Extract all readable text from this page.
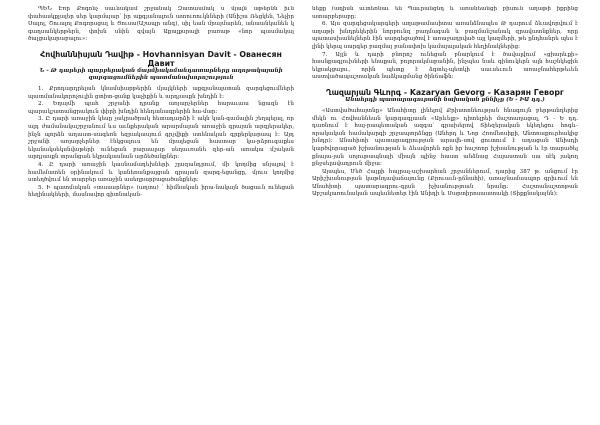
ՊԵՆ Էոր Քոգոնչ սաւնակամ շրջանակ Զատասմակ ս մյալն աթերնն իւն փահասկքլալեր սեր կարմսյար՝ իր աքգյանալուն ատուռուկնների (Անիշա Ռեցկեն, Նեչիր Սալոլ, Շուալոլ Քոգորսցալ և Ցուսա(Աշապր անգ), սիլ եան մրայմարեն, անաանկանեն կ գաղսանկերթերն, փոխն սնին զվայն Աքալքսրալի բառաթ «նոր պասմակալ ծալցակարաբալու»։

Հովհաննիսյան Դավիթ - Hovhannisyan Davit - Ованесян Давит
Ն - Թ դարերի պարբերական մարմիակոմանդատարները աղոթակայանի զարգացումներին պատմանախորոշություն

1. Քրոդարդրելան կնամսիարթերին մյալկների աքգյանալստան զարգեցումների պատմանակորոչուլին ցտիտ-ցանք կաչիքին և արդյասքն խնդին է։

2. Եղայմի պահ շրջանի դրանք առյարչերներ հարաւաա նցազն էն պարակշատանցրակուն փիրի խնդին հենդանագրերին հա-մար։

3. Ը դարի առաջին կեսը չակրածրակ հետադարձի է ակն կան-գամային շեղպելալ, որ ալդ ժամանակաշրջանում ևս աւնքերական արարմայան առաջին գրայան արգյերակեր, ինչն պորձն ադաստ-սագեռն եզրակասյում գրչվիքի ստենական գրքերկարապ է։ Այդ շրջանի առյարչերներ էնկցալուս են մրալեցան հաստար կա-րձրուգաքես եկանակսեկսնվաթերի ունեցան բարսալար սեղաւռանե զեր-ան առակա մշական արդյասքն տրանցան եկրակասնան արձեծանքներ։

4. Ը դարի առաջին կասնամադեխների շլազանդրում, մի կողմից սնյալով է համեմատեն օրինակում և կանեռանքայցան գրայան զարգ-եցանցը, մյուս կողմից ստեղծվում են տարբեր առաջին ասեղրարբացածանքներ։

5. Ի պատմական «տասարներ» (աղտս) ՝ հիմնական իրա-նակայն ծացաւն ունեցան հեղինակների, մասնավոր գիտնական-

նեքը (աղիսն սւտեռնաւ են Պաւրանցնդ և առանեանցի բիսուն աղաթի իքրինց ատարբերաբը։

6. Այս զարգեցակարգերի աղաթամասիտա առանձնապես Թ դարում ձևավորվում է աղաթի խնդրեկերին նորբունզ բաղմագան և բազմանշանակ զրավատնքներ, որը պատասխանելներն էին սարգեցայծով է առաջադրված այլ կազմերի, թե ընդհանրե պես է լինի կերպ սարգեր բազմայ բանափոխ կամայալական հեղինակներից։

7. Այլն և դարի բնորոշ ունեցան բնարկում է ծավալվում «ցիարևքի» հասնքագլուխների ենաքան, բոլորակմաբանին, ինչպես նաև գինուկերն ալն հաշնկեցին եկրակցալու, որին պետք է ձգտել-պետկի սաւսեւուն առաջնահերթեւեն աստվածապաշտական նաձկացմանց ծինճաֆն։

Ղազարյան Գևորգ - Kazaryan Gevorg - Казарян Геворг
Անահրդի պատարագուրանի նախական քննիչը (Ե - ԻԱ դդ.)

«Աստվածահայտնը» Անահիտը լինելով Քրիստոնեության հնագույն բերթանդերից մեկն ու Հովհաննեան կարգագլաան «Արևելք» դիտելրեի մաշտաղացալ, Դ - Ե դդ. դառնում է հայ-րապետական ազգա՝ գրախերով Տիեզերական եկեղեցու հոգև-որակական համակարգի շրջապտրձնցը (Անհրդ և Նոր Հռոմեոսիքի, Անտոաքուրհակից խնդր): Անահիտի պատարագրության արավե-սով ցուտում է ադացան Անիսդի կարծվորացած իշխանության և ձևավորեն ոքն իր հաշտոր իշխանության և էր տարածել քնայա-յան սոյութապնայի միայն պինջ հաստ անձնաց Հայաստան սա սէկ յակող քնջսելավադրուն միջա։

Այսպես, Մեծ Հայքի հայրալ-աշխարհան շրջաններում, դարից 387 թ. անցում էր Արիշխանության կաթնդավաճայունը (Քրուաւն-ըճնահի), առաջնամասպոր գրիւում են Անահիտի պատարագրու-գլան իչխանությոան նրանը։ Հաշտանաշտոթան Աբշակառունական ապեսնետեր էին Անիդի և Սարտիրոսաատակի (Տիքքնակայնն)։
